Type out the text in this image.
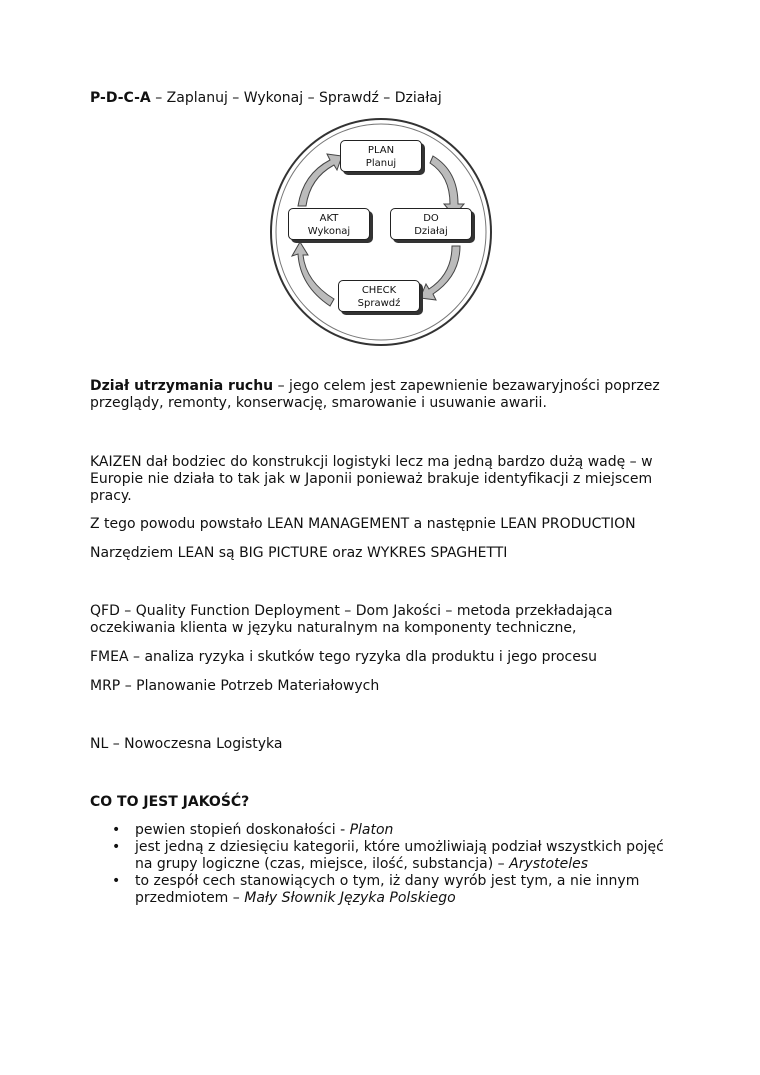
P-D-C-A – Zaplanuj – Wykonaj – Sprawdź – Działaj

PLAN
Planuj
DO
Działaj
CHECK
Sprawdź
AKT
Wykonaj

Dział utrzymania ruchu – jego celem jest zapewnienie bezawaryjności poprzez przeglądy, remonty, konserwację, smarowanie i usuwanie awarii.

KAIZEN dał bodziec do konstrukcji logistyki lecz ma jedną bardzo dużą wadę – w Europie nie działa to tak jak w Japonii ponieważ brakuje identyfikacji z miejscem pracy.

Z tego powodu powstało LEAN MANAGEMENT a następnie LEAN PRODUCTION

Narzędziem LEAN są BIG PICTURE oraz WYKRES SPAGHETTI

QFD – Quality Function Deployment – Dom Jakości – metoda przekładająca oczekiwania klienta w języku naturalnym na komponenty techniczne,

FMEA – analiza ryzyka i skutków tego ryzyka dla produktu i jego procesu

MRP – Planowanie Potrzeb Materiałowych

NL – Nowoczesna Logistyka

CO TO JEST JAKOŚĆ?

• pewien stopień doskonałości - Platon
• jest jedną z dziesięciu kategorii, które umożliwiają podział wszystkich pojęć na grupy logiczne (czas, miejsce, ilość, substancja) – Arystoteles
• to zespół cech stanowiących o tym, iż dany wyrób jest tym, a nie innym przedmiotem – Mały Słownik Języka Polskiego
